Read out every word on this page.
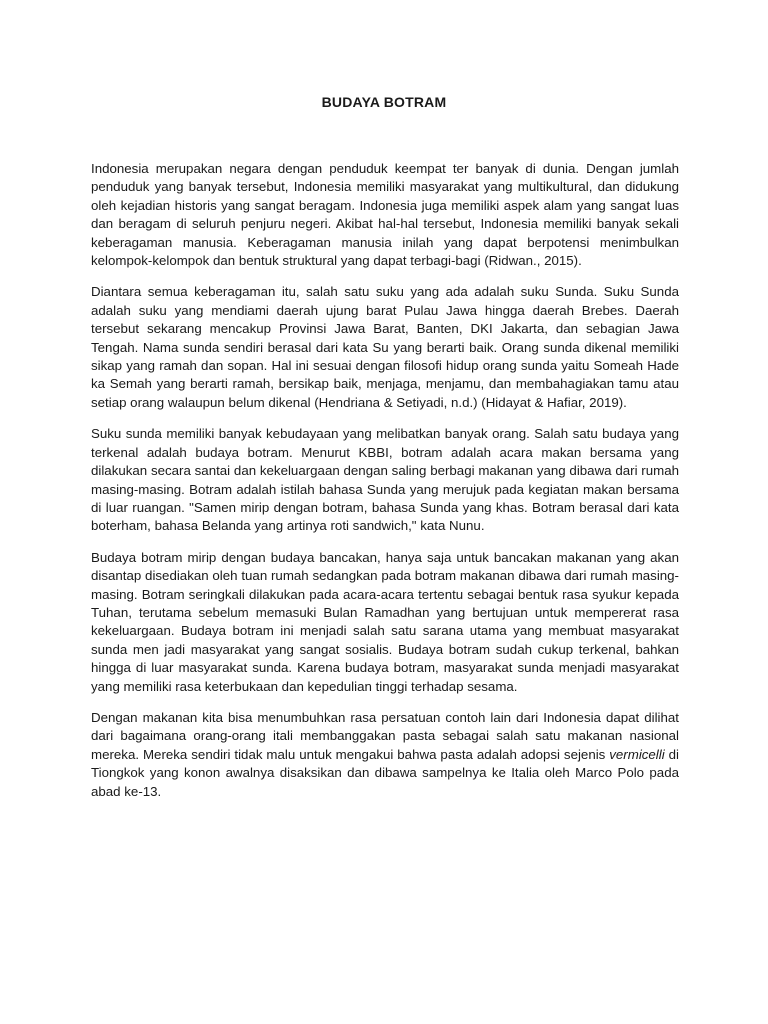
BUDAYA BOTRAM

Indonesia merupakan negara dengan penduduk keempat ter banyak di dunia. Dengan jumlah penduduk yang banyak tersebut, Indonesia memiliki masyarakat yang multikultural, dan didukung oleh kejadian historis yang sangat beragam. Indonesia juga memiliki aspek alam yang sangat luas dan beragam di seluruh penjuru negeri. Akibat hal-hal tersebut, Indonesia memiliki banyak sekali keberagaman manusia. Keberagaman manusia inilah yang dapat berpotensi menimbulkan kelompok-kelompok dan bentuk struktural yang dapat terbagi-bagi (Ridwan., 2015).

Diantara semua keberagaman itu, salah satu suku yang ada adalah suku Sunda. Suku Sunda adalah suku yang mendiami daerah ujung barat Pulau Jawa hingga daerah Brebes. Daerah tersebut sekarang mencakup Provinsi Jawa Barat, Banten, DKI Jakarta, dan sebagian Jawa Tengah. Nama sunda sendiri berasal dari kata Su yang berarti baik. Orang sunda dikenal memiliki sikap yang ramah dan sopan. Hal ini sesuai dengan filosofi hidup orang sunda yaitu Someah Hade ka Semah yang berarti ramah, bersikap baik, menjaga, menjamu, dan membahagiakan tamu atau setiap orang walaupun belum dikenal (Hendriana & Setiyadi, n.d.) (Hidayat & Hafiar, 2019).

Suku sunda memiliki banyak kebudayaan yang melibatkan banyak orang. Salah satu budaya yang terkenal adalah budaya botram. Menurut KBBI, botram adalah acara makan bersama yang dilakukan secara santai dan kekeluargaan dengan saling berbagi makanan yang dibawa dari rumah masing-masing. Botram adalah istilah bahasa Sunda yang merujuk pada kegiatan makan bersama di luar ruangan. "Samen mirip dengan botram, bahasa Sunda yang khas. Botram berasal dari kata boterham, bahasa Belanda yang artinya roti sandwich," kata Nunu.

Budaya botram mirip dengan budaya bancakan, hanya saja untuk bancakan makanan yang akan disantap disediakan oleh tuan rumah sedangkan pada botram makanan dibawa dari rumah masing-masing. Botram seringkali dilakukan pada acara-acara tertentu sebagai bentuk rasa syukur kepada Tuhan, terutama sebelum memasuki Bulan Ramadhan yang bertujuan untuk mempererat rasa kekeluargaan. Budaya botram ini menjadi salah satu sarana utama yang membuat masyarakat sunda men jadi masyarakat yang sangat sosialis. Budaya botram sudah cukup terkenal, bahkan hingga di luar masyarakat sunda. Karena budaya botram, masyarakat sunda menjadi masyarakat yang memiliki rasa keterbukaan dan kepedulian tinggi terhadap sesama.

Dengan makanan kita bisa menumbuhkan rasa persatuan contoh lain dari Indonesia dapat dilihat dari bagaimana orang-orang itali membanggakan pasta sebagai salah satu makanan nasional mereka. Mereka sendiri tidak malu untuk mengakui bahwa pasta adalah adopsi sejenis vermicelli di Tiongkok yang konon awalnya disaksikan dan dibawa sampelnya ke Italia oleh Marco Polo pada abad ke-13.
